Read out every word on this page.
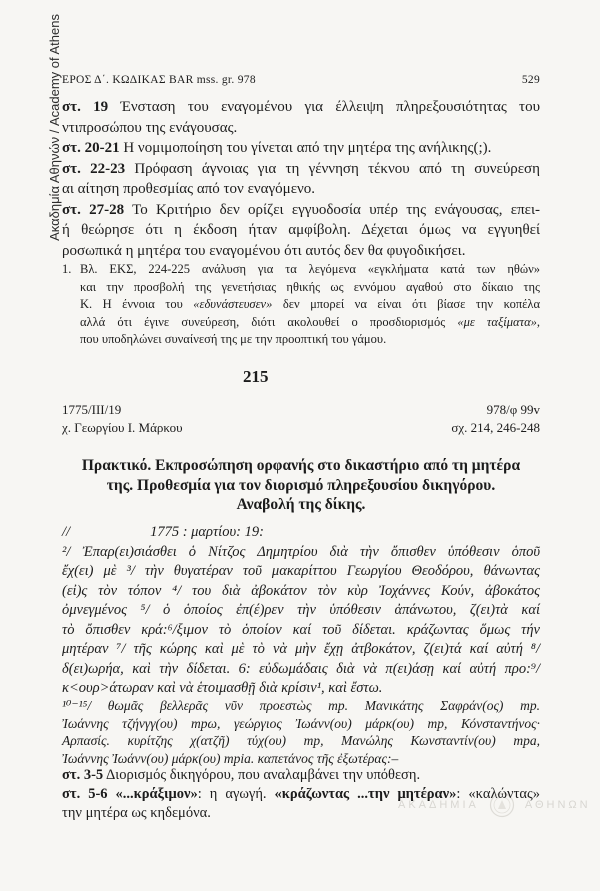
Ακαδημία Αθηνών / Academy of Athens ΕΡΟΣ Δ΄. ΚΩΔΙΚΑΣ BAR mss. gr. 978	529
στ. 19 Ένσταση του εναγομένου για έλλειψη πληρεξουσιότητας του
ντιπροσώπου της ενάγουσας.
στ. 20-21 Η νομιμοποίηση του γίνεται από την μητέρα της ανήλικης(;).
στ. 22-23 Πρόφαση άγνοιας για τη γέννηση τέκνου από τη συνεύρεση
αι αίτηση προθεσμίας από τον εναγόμενο.
στ. 27-28 Το Κριτήριο δεν ορίζει εγγυοδοσία υπέρ της ενάγουσας, επει-
ή θεώρησε ότι η έκδοση ήταν αμφίβολη. Δέχεται όμως να εγγυηθεί
ροσωπικά η μητέρα του εναγομένου ότι αυτός δεν θα φυγοδικήσει.
1. Βλ. ΕΚΣ, 224-225 ανάλυση για τα λεγόμενα «εγκλήματα κατά των ηθών»
και την προσβολή της γενετήσιας ηθικής ως εννόμου αγαθού στο δίκαιο της
Κ. Η έννοια του «εδυνάστευσεν» δεν μπορεί να είναι ότι βίασε την κοπέλα
αλλά ότι έγινε συνεύρεση, διότι ακολουθεί ο προσδιορισμός «με ταξίματα»,
που υποδηλώνει συναίνεσή της με την προοπτική του γάμου.
215
1775/III/19	978/φ 99v
χ. Γεωργίου Ι. Μάρκου	σχ. 214, 246-248
Πρακτικό. Εκπροσώπηση ορφανής στο δικαστήριο από τη μητέρα
της. Προθεσμία για τον διορισμό πληρεξουσίου δικηγόρου.
Αναβολή της δίκης.
//	1775 : μαρτίου: 19:
²/ Ἐπαρ(ει)σιάσθει ὁ Νίτζος Δημητρίου διὰ τὴν ὄπισθεν ὑπόθεσιν ὁποῦ
ἔχ(ει) μὲ ³/ τὴν θυγατέραν τοῦ μακαρίττου Γεωργίου Θεοδόρου, θάνωντας
(εἰ)ς τὸν τόπον ⁴/ του διὰ ἀβοκάτον τὸν κὺρ Ἰοχάννες Κούν, ἀβοκάτος
ὀμνεγμένος ⁵/ ὁ ὁποίος ἐπ(έ)ρεν τὴν ὑπόθεσιν ἀπάνωτου, ζ(ει)τὰ καί
τὸ ὄπισθεν κρά:⁶/ξιμον τὸ ὁποίον καί τοῦ δίδεται. κράζωντας ὅμως τήν
μητέραν ⁷/ τῆς κώρης καὶ μὲ τὸ νὰ μὴν ἔχῃ ἀτβοκάτον, ζ(ει)τά καί αὐτή ⁸/
δ(ει)ωρήα, καὶ τὴν δίδεται. 6: εὐδωμάδαις διὰ νὰ π(ει)άσῃ καί αὐτή προ:⁹/
κ<ουρ>άτωραν καὶ νὰ ἑτοιμασθῇ διὰ κρίσιν¹, καὶ ἔστω.
¹⁰⁻¹⁵/ θωμᾶς βελλερᾶς νῦν προεστὼς mp. Μανικάτης Σαφράν(ος) mp.
Ἰωάννης τζήνγγ(ου) mpω, γεώργιος Ἰωάνν(ου) μάρκ(ου) mp, Κόνσταντήνος·
Αρπασίς. κυρίτζης χ(ατζῆ) τύχ(ου) mp, Μανώλης Κωνσταντίν(ου) mpa,
Ἰωάννης Ἰωάνν(ου) μάρκ(ου) mpia. καπετάνος τῆς ἐξωτέρας:–
ΑΚΑΔΗΜΙΑ	ΑΘΗΝΩΝ
στ. 3-5 Διορισμός δικηγόρου, που αναλαμβάνει την υπόθεση.
στ. 5-6 «...κράξιμον»: η αγωγή. «κράζωντας ...την μητέραν»: «καλώντας»
την μητέρα ως κηδεμόνα.
